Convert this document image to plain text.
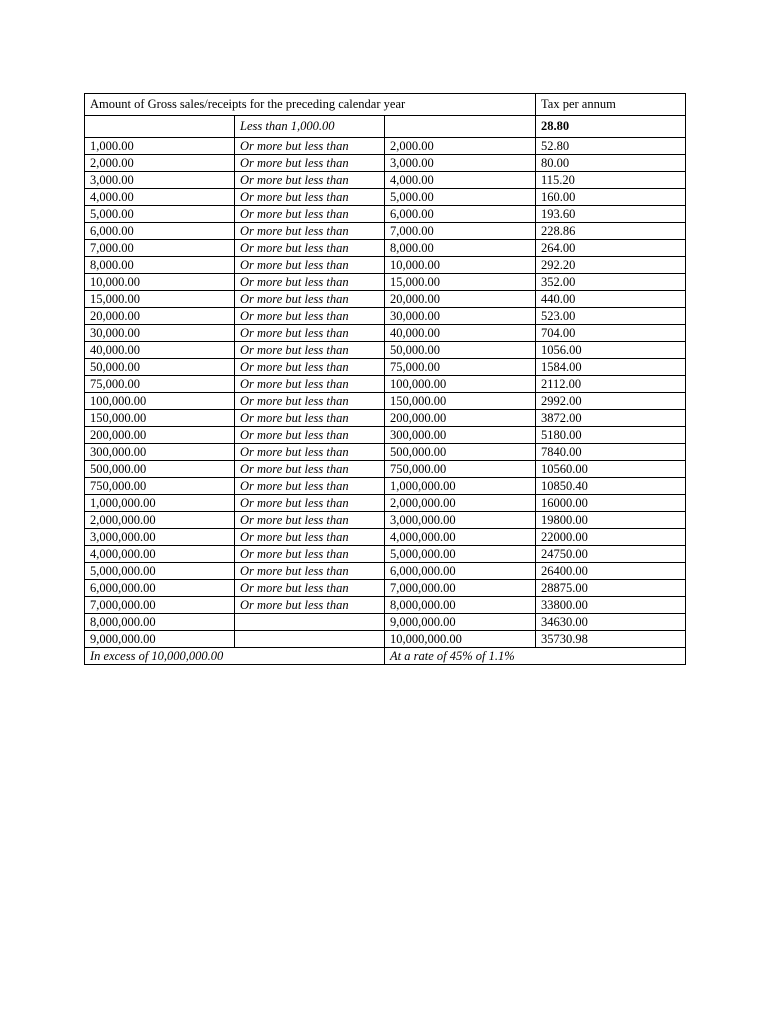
Amount of Gross sales/receipts for the preceding calendar year			Tax per annum
	Less than 1,000.00		28.80
1,000.00	Or more but less than	2,000.00	52.80
2,000.00	Or more but less than	3,000.00	80.00
3,000.00	Or more but less than	4,000.00	115.20
4,000.00	Or more but less than	5,000.00	160.00
5,000.00	Or more but less than	6,000.00	193.60
6,000.00	Or more but less than	7,000.00	228.86
7,000.00	Or more but less than	8,000.00	264.00
8,000.00	Or more but less than	10,000.00	292.20
10,000.00	Or more but less than	15,000.00	352.00
15,000.00	Or more but less than	20,000.00	440.00
20,000.00	Or more but less than	30,000.00	523.00
30,000.00	Or more but less than	40,000.00	704.00
40,000.00	Or more but less than	50,000.00	1056.00
50,000.00	Or more but less than	75,000.00	1584.00
75,000.00	Or more but less than	100,000.00	2112.00
100,000.00	Or more but less than	150,000.00	2992.00
150,000.00	Or more but less than	200,000.00	3872.00
200,000.00	Or more but less than	300,000.00	5180.00
300,000.00	Or more but less than	500,000.00	7840.00
500,000.00	Or more but less than	750,000.00	10560.00
750,000.00	Or more but less than	1,000,000.00	10850.40
1,000,000.00	Or more but less than	2,000,000.00	16000.00
2,000,000.00	Or more but less than	3,000,000.00	19800.00
3,000,000.00	Or more but less than	4,000,000.00	22000.00
4,000,000.00	Or more but less than	5,000,000.00	24750.00
5,000,000.00	Or more but less than	6,000,000.00	26400.00
6,000,000.00	Or more but less than	7,000,000.00	28875.00
7,000,000.00	Or more but less than	8,000,000.00	33800.00
8,000,000.00		9,000,000.00	34630.00
9,000,000.00		10,000,000.00	35730.98
In excess of 10,000,000.00		At a rate of 45% of 1.1%	
